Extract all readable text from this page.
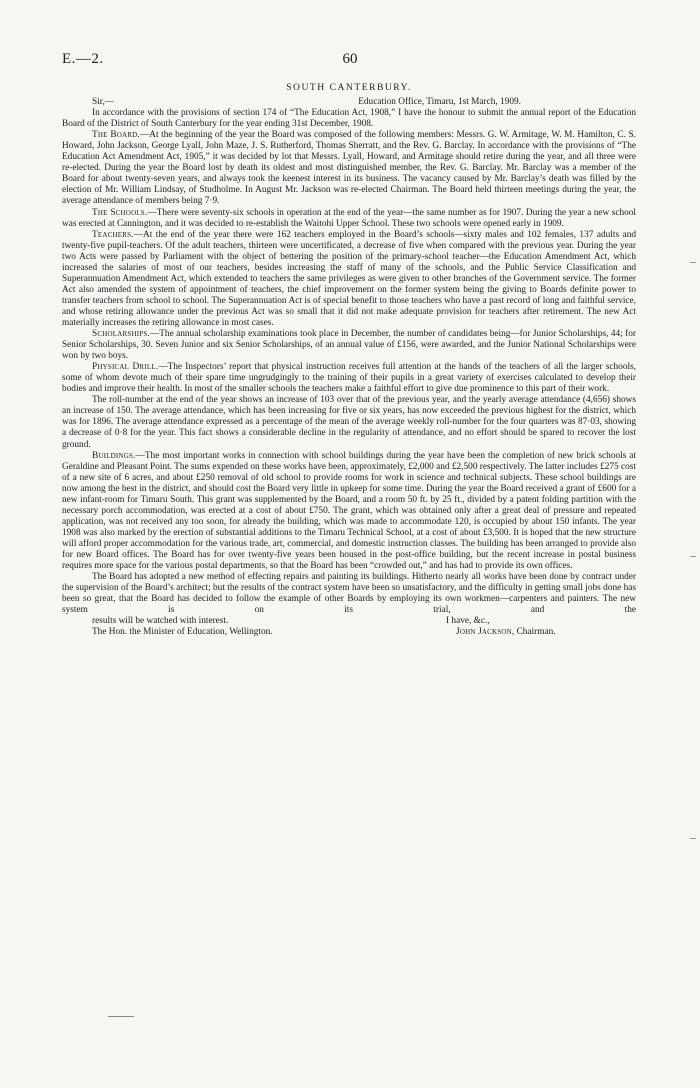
E.—2.	60
SOUTH CANTERBURY.

Sir,—	Education Office, Timaru, 1st March, 1909.

In accordance with the provisions of section 174 of “The Education Act, 1908,” I have the honour to submit the annual report of the Education Board of the District of South Canterbury for the year ending 31st December, 1908.

The Board.—At the beginning of the year the Board was composed of the following members: Messrs. G. W. Armitage, W. M. Hamilton, C. S. Howard, John Jackson, George Lyall, John Maze, J. S. Rutherford, Thomas Sherratt, and the Rev. G. Barclay. In accordance with the provisions of “The Education Act Amendment Act, 1905,” it was decided by lot that Messrs. Lyall, Howard, and Armitage should retire during the year, and all three were re-elected. During the year the Board lost by death its oldest and most distinguished member, the Rev. G. Barclay. Mr. Barclay was a member of the Board for about twenty-seven years, and always took the keenest interest in its business. The vacancy caused by Mr. Barclay’s death was filled by the election of Mr. William Lindsay, of Studholme. In August Mr. Jackson was re-elected Chairman. The Board held thirteen meetings during the year, the average attendance of members being 7·9.

The Schools.—There were seventy-six schools in operation at the end of the year—the same number as for 1907. During the year a new school was erected at Cannington, and it was decided to re-establish the Waitohi Upper School. These two schools were opened early in 1909.

Teachers.—At the end of the year there were 162 teachers employed in the Board’s schools—sixty males and 102 females, 137 adults and twenty-five pupil-teachers. Of the adult teachers, thirteen were uncertificated, a decrease of five when compared with the previous year. During the year two Acts were passed by Parliament with the object of bettering the position of the primary-school teacher—the Education Amendment Act, which increased the salaries of most of our teachers, besides increasing the staff of many of the schools, and the Public Service Classification and Superannuation Amendment Act, which extended to teachers the same privileges as were given to other branches of the Government service. The former Act also amended the system of appointment of teachers, the chief improvement on the former system being the giving to Boards definite power to transfer teachers from school to school. The Superannuation Act is of special benefit to those teachers who have a past record of long and faithful service, and whose retiring allowance under the previous Act was so small that it did not make adequate provision for teachers after retirement. The new Act materially increases the retiring allowance in most cases.

Scholarships.—The annual scholarship examinations took place in December, the number of candidates being—for Junior Scholarships, 44; for Senior Scholarships, 30. Seven Junior and six Senior Scholarships, of an annual value of £156, were awarded, and the Junior National Scholarships were won by two boys.

Physical Drill.—The Inspectors’ report that physical instruction receives full attention at the hands of the teachers of all the larger schools, some of whom devote much of their spare time ungrudgingly to the training of their pupils in a great variety of exercises calculated to develop their bodies and improve their health. In most of the smaller schools the teachers make a faithful effort to give due prominence to this part of their work.

The roll-number at the end of the year shows an increase of 103 over that of the previous year, and the yearly average attendance (4,656) shows an increase of 150. The average attendance, which has been increasing for five or six years, has now exceeded the previous highest for the district, which was for 1896. The average attendance expressed as a percentage of the mean of the average weekly roll-number for the four quarters was 87·03, showing a decrease of 0·8 for the year. This fact shows a considerable decline in the regularity of attendance, and no effort should be spared to recover the lost ground.

Buildings.—The most important works in connection with school buildings during the year have been the completion of new brick schools at Geraldine and Pleasant Point. The sums expended on these works have been, approximately, £2,000 and £2,500 respectively. The latter includes £275 cost of a new site of 6 acres, and about £250 removal of old school to provide rooms for work in science and technical subjects. These school buildings are now among the best in the district, and should cost the Board very little in upkeep for some time. During the year the Board received a grant of £600 for a new infant-room for Timaru South. This grant was supplemented by the Board, and a room 50 ft. by 25 ft., divided by a patent folding partition with the necessary porch accommodation, was erected at a cost of about £750. The grant, which was obtained only after a great deal of pressure and repeated application, was not received any too soon, for already the building, which was made to accommodate 120, is occupied by about 150 infants. The year 1908 was also marked by the erection of substantial additions to the Timaru Technical School, at a cost of about £3,500. It is hoped that the new structure will afford proper accommodation for the various trade, art, commercial, and domestic instruction classes. The building has been arranged to provide also for new Board offices. The Board has for over twenty-five years been housed in the post-office building, but the recent increase in postal business requires more space for the various postal departments, so that the Board has been “crowded out,” and has had to provide its own offices.

The Board has adopted a new method of effecting repairs and painting its buildings. Hitherto nearly all works have been done by contract under the supervision of the Board’s architect; but the results of the contract system have been so unsatisfactory, and the difficulty in getting small jobs done has been so great, that the Board has decided to follow the example of other Boards by employing its own workmen—carpenters and painters. The new system is on its trial, and the

results will be watched with interest.	I have, &c.,
The Hon. the Minister of Education, Wellington.	John Jackson, Chairman.
